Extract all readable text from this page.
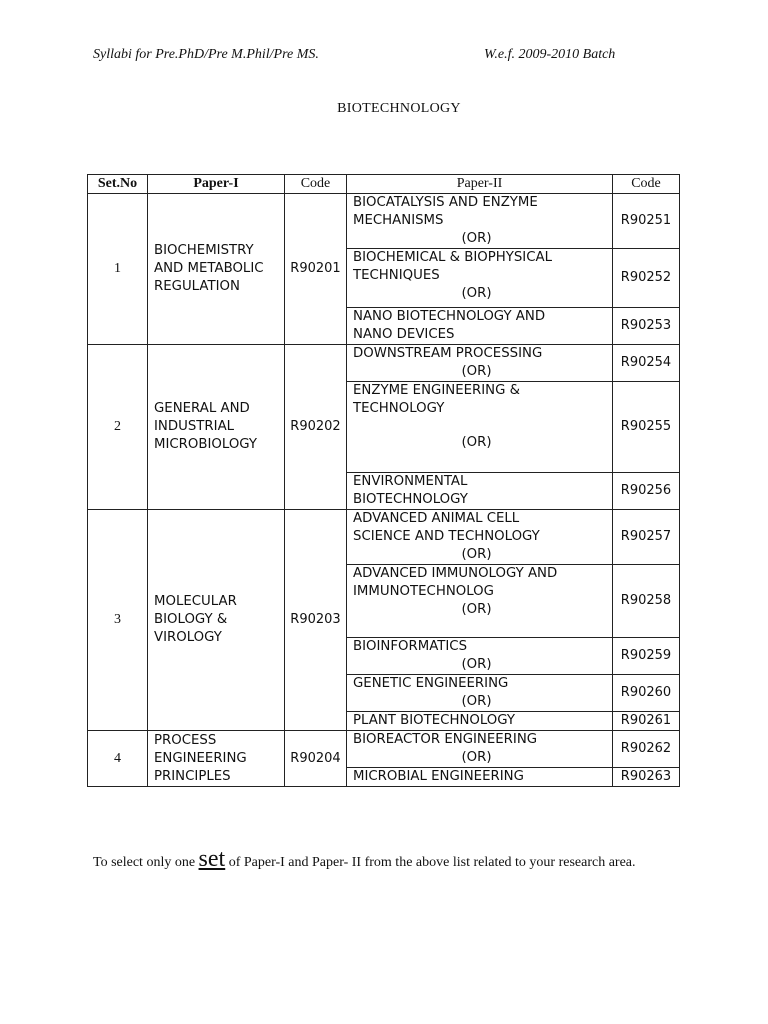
Syllabi for Pre.PhD/Pre M.Phil/Pre MS.	W.e.f. 2009-2010 Batch
BIOTECHNOLOGY
Set.No	Paper-I	Code	Paper-II	Code
1	BIOCHEMISTRY AND METABOLIC REGULATION	R90201	BIOCATALYSIS AND ENZYME
MECHANISMS
(OR)	R90251

			BIOCHEMICAL & BIOPHYSICAL
TECHNIQUES
(OR)	R90252

			NANO BIOTECHNOLOGY AND
NANO DEVICES	R90253
2	GENERAL AND INDUSTRIAL MICROBIOLOGY	R90202	DOWNSTREAM PROCESSING
(OR)	R90254

			ENZYME ENGINEERING &
TECHNOLOGY
(OR)	R90255

			ENVIRONMENTAL
BIOTECHNOLOGY	R90256
3	MOLECULAR BIOLOGY & VIROLOGY	R90203	ADVANCED ANIMAL CELL
SCIENCE AND TECHNOLOGY
(OR)	R90257

			ADVANCED IMMUNOLOGY AND
IMMUNOTECHNOLOG
(OR)	R90258

			BIOINFORMATICS
(OR)	R90259

			GENETIC ENGINEERING
(OR)	R90260

			PLANT BIOTECHNOLOGY	R90261
4	PROCESS ENGINEERING PRINCIPLES	R90204	BIOREACTOR ENGINEERING
(OR)	R90262

			MICROBIAL ENGINEERING	R90263
To select only one set of Paper-I and Paper- II from the above list related to your research area.
